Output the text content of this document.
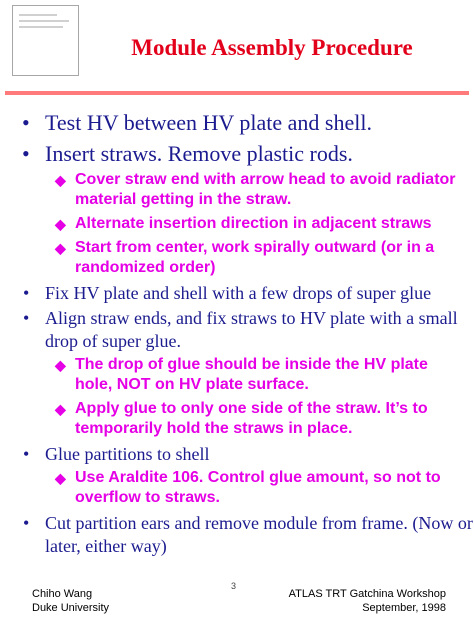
Module Assembly Procedure
• Test HV between HV plate and shell.
• Insert straws. Remove plastic rods.
◆ Cover straw end with arrow head to avoid radiator material getting in the straw.
◆ Alternate insertion direction in adjacent straws
◆ Start from center, work spirally outward (or in a randomized order)
• Fix HV plate and shell with a few drops of super glue
• Align straw ends, and fix straws to HV plate with a small drop of super glue.
◆ The drop of glue should be inside the HV plate hole, NOT on HV plate surface.
◆ Apply glue to only one side of the straw. It’s to temporarily hold the straws in place.
• Glue partitions to shell
◆ Use Araldite 106. Control glue amount, so not to overflow to straws.
• Cut partition ears and remove module from frame. (Now or later, either way)
3
Chiho Wang
Duke University
ATLAS TRT Gatchina Workshop
September, 1998
